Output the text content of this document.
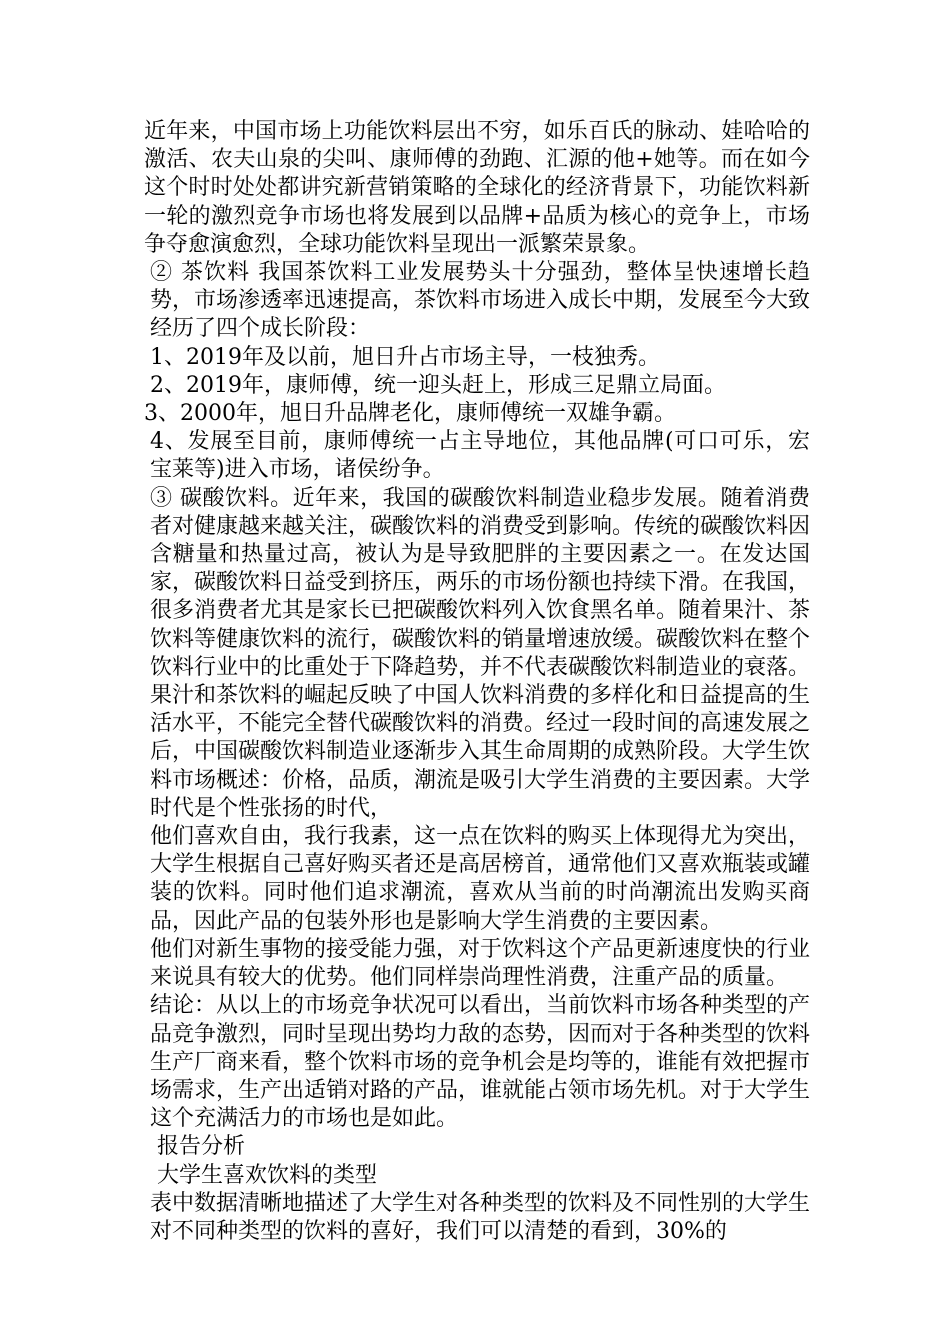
近年来，中国市场上功能饮料层出不穷，如乐百氏的脉动、娃哈哈的激活、农夫山泉的尖叫、康师傅的劲跑、汇源的他+她等。而在如今这个时时处处都讲究新营销策略的全球化的经济背景下，功能饮料新一轮的激烈竞争市场也将发展到以品牌+品质为核心的竞争上，市场争夺愈演愈烈，全球功能饮料呈现出一派繁荣景象。

② 茶饮料 我国茶饮料工业发展势头十分强劲，整体呈快速增长趋势，市场渗透率迅速提高，茶饮料市场进入成长中期，发展至今大致经历了四个成长阶段：

1、2019年及以前，旭日升占市场主导，一枝独秀。

2、2019年，康师傅，统一迎头赶上，形成三足鼎立局面。

3、2000年，旭日升品牌老化，康师傅统一双雄争霸。

4、发展至目前，康师傅统一占主导地位，其他品牌(可口可乐，宏宝莱等)进入市场，诸侯纷争。

③ 碳酸饮料。近年来，我国的碳酸饮料制造业稳步发展。随着消费者对健康越来越关注，碳酸饮料的消费受到影响。传统的碳酸饮料因含糖量和热量过高，被认为是导致肥胖的主要因素之一。在发达国家，碳酸饮料日益受到挤压，两乐的市场份额也持续下滑。在我国，很多消费者尤其是家长已把碳酸饮料列入饮食黑名单。随着果汁、茶饮料等健康饮料的流行，碳酸饮料的销量增速放缓。碳酸饮料在整个饮料行业中的比重处于下降趋势，并不代表碳酸饮料制造业的衰落。果汁和茶饮料的崛起反映了中国人饮料消费的多样化和日益提高的生活水平，不能完全替代碳酸饮料的消费。经过一段时间的高速发展之后，中国碳酸饮料制造业逐渐步入其生命周期的成熟阶段。大学生饮料市场概述：价格，品质，潮流是吸引大学生消费的主要因素。大学时代是个性张扬的时代，

他们喜欢自由，我行我素，这一点在饮料的购买上体现得尤为突出，大学生根据自己喜好购买者还是高居榜首，通常他们又喜欢瓶装或罐装的饮料。同时他们追求潮流，喜欢从当前的时尚潮流出发购买商品，因此产品的包装外形也是影响大学生消费的主要因素。

他们对新生事物的接受能力强，对于饮料这个产品更新速度快的行业来说具有较大的优势。他们同样崇尚理性消费，注重产品的质量。

结论：从以上的市场竞争状况可以看出，当前饮料市场各种类型的产品竞争激烈，同时呈现出势均力敌的态势，因而对于各种类型的饮料生产厂商来看，整个饮料市场的竞争机会是均等的，谁能有效把握市场需求，生产出适销对路的产品，谁就能占领市场先机。对于大学生这个充满活力的市场也是如此。

报告分析

大学生喜欢饮料的类型

表中数据清晰地描述了大学生对各种类型的饮料及不同性别的大学生对不同种类型的饮料的喜好，我们可以清楚的看到，30%的
